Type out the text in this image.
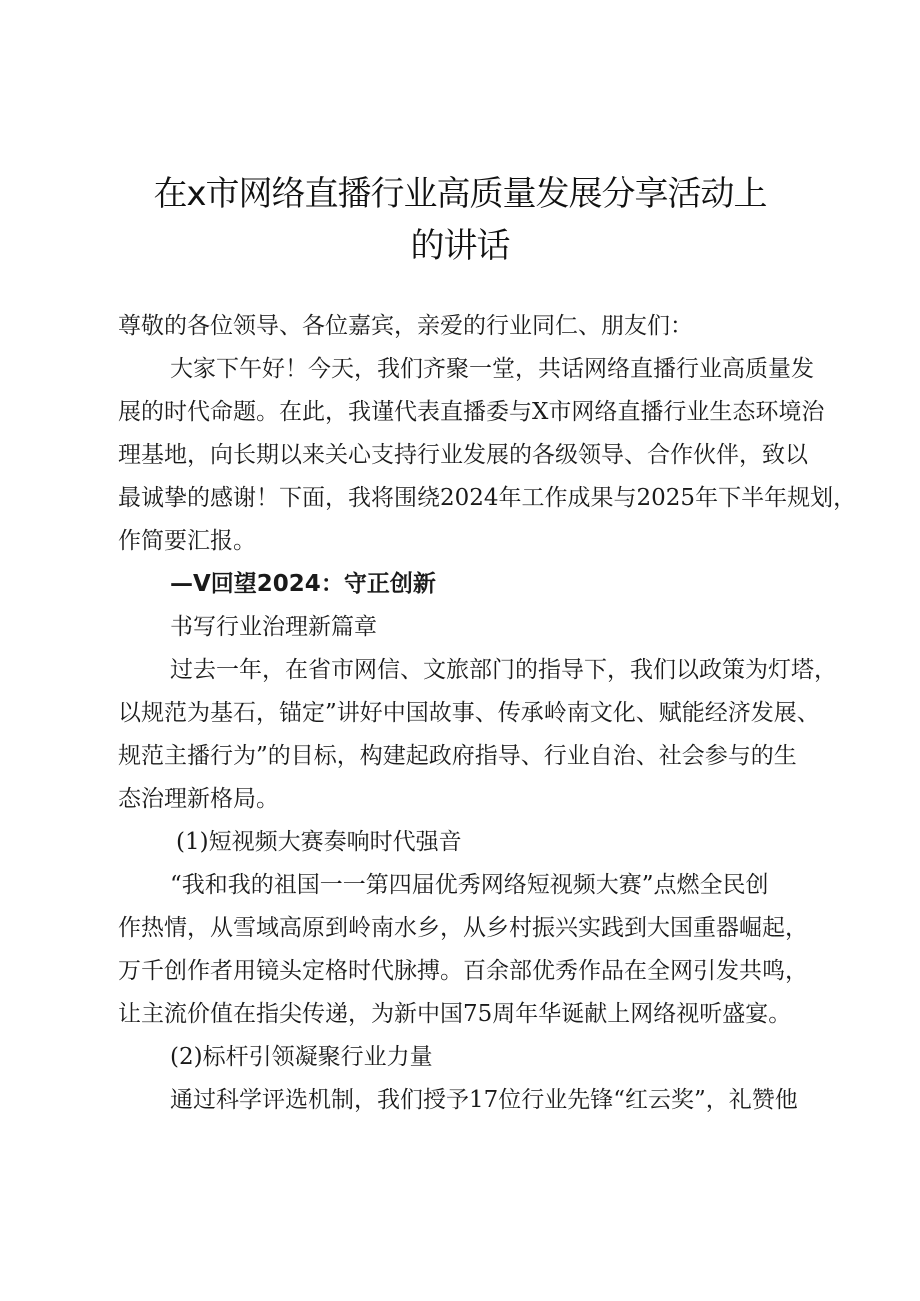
在x市网络直播行业高质量发展分享活动上
的讲话
尊敬的各位领导、各位嘉宾，亲爱的行业同仁、朋友们：
大家下午好！今天，我们齐聚一堂，共话网络直播行业高质量发
展的时代命题。在此，我谨代表直播委与X市网络直播行业生态环境治
理基地，向长期以来关心支持行业发展的各级领导、合作伙伴，致以
最诚挚的感谢！下面，我将围绕2024年工作成果与2025年下半年规划，
作简要汇报。
—V回望2024：守正创新
书写行业治理新篇章
过去一年，在省市网信、文旅部门的指导下，我们以政策为灯塔，
以规范为基石，锚定”讲好中国故事、传承岭南文化、赋能经济发展、
规范主播行为”的目标，构建起政府指导、行业自治、社会参与的生
态治理新格局。
(1)短视频大赛奏响时代强音
“我和我的祖国一一第四届优秀网络短视频大赛”点燃全民创
作热情，从雪域高原到岭南水乡，从乡村振兴实践到大国重器崛起，
万千创作者用镜头定格时代脉搏。百余部优秀作品在全网引发共鸣，
让主流价值在指尖传递，为新中国75周年华诞献上网络视听盛宴。
(2)标杆引领凝聚行业力量
通过科学评选机制，我们授予17位行业先锋“红云奖”，礼赞他
